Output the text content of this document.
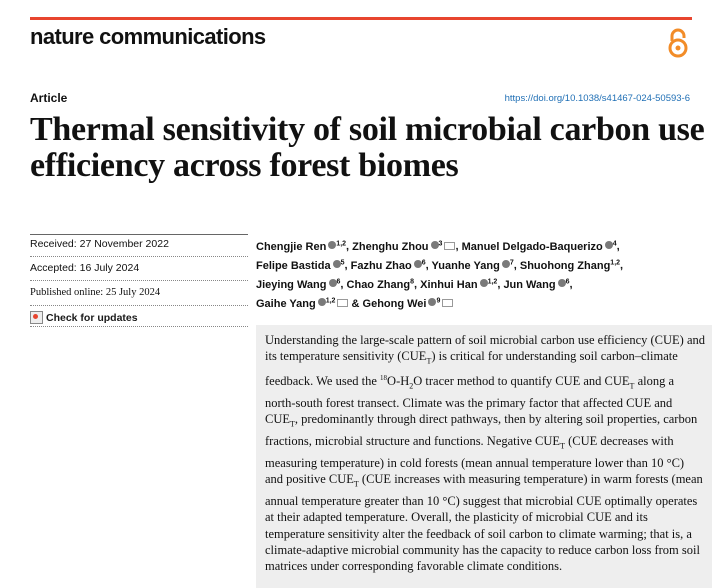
nature communications
Article	https://doi.org/10.1038/s41467-024-50593-6
Thermal sensitivity of soil microbial carbon use efficiency across forest biomes
Received: 27 November 2022
Accepted: 16 July 2024
Published online: 25 July 2024
Check for updates
Chengjie Ren $^{1,2}$, Zhenghu Zhou $^3$ , Manuel Delgado-Baquerizo $^4$,
Felipe Bastida $^5$, Fazhu Zhao $^6$, Yuanhe Yang $^7$, Shuohong Zhang$^{1,2}$,
Jieying Wang $^6$, Chao Zhang$^8$, Xinhui Han $^{1,2}$, Jun Wang $^6$,
Gaihe Yang $^{1,2}$ & Gehong Wei $^9$

Understanding the large-scale pattern of soil microbial carbon use efficiency (CUE) and its temperature sensitivity $(CUE_T)$ is critical for understanding soil carbon–climate feedback. We used the $^{18}O-H_2O$ tracer method to quantify CUE and $CUE_T$ along a north-south forest transect. Climate was the primary factor that affected CUE and $CUE_T$, predominantly through direct pathways, then by altering soil properties, carbon fractions, microbial structure and functions. Negative $CUE_T$ (CUE decreases with measuring temperature) in cold forests (mean annual temperature lower than 10 °C) and positive $CUE_T$ (CUE increases with measuring temperature) in warm forests (mean annual temperature greater than 10 °C) suggest that microbial CUE optimally operates at their adapted temperature. Overall, the plasticity of microbial CUE and its temperature sensitivity alter the feedback of soil carbon to climate warming; that is, a climate-adaptive microbial community has the capacity to reduce carbon loss from soil matrices under corresponding favorable climate conditions.
